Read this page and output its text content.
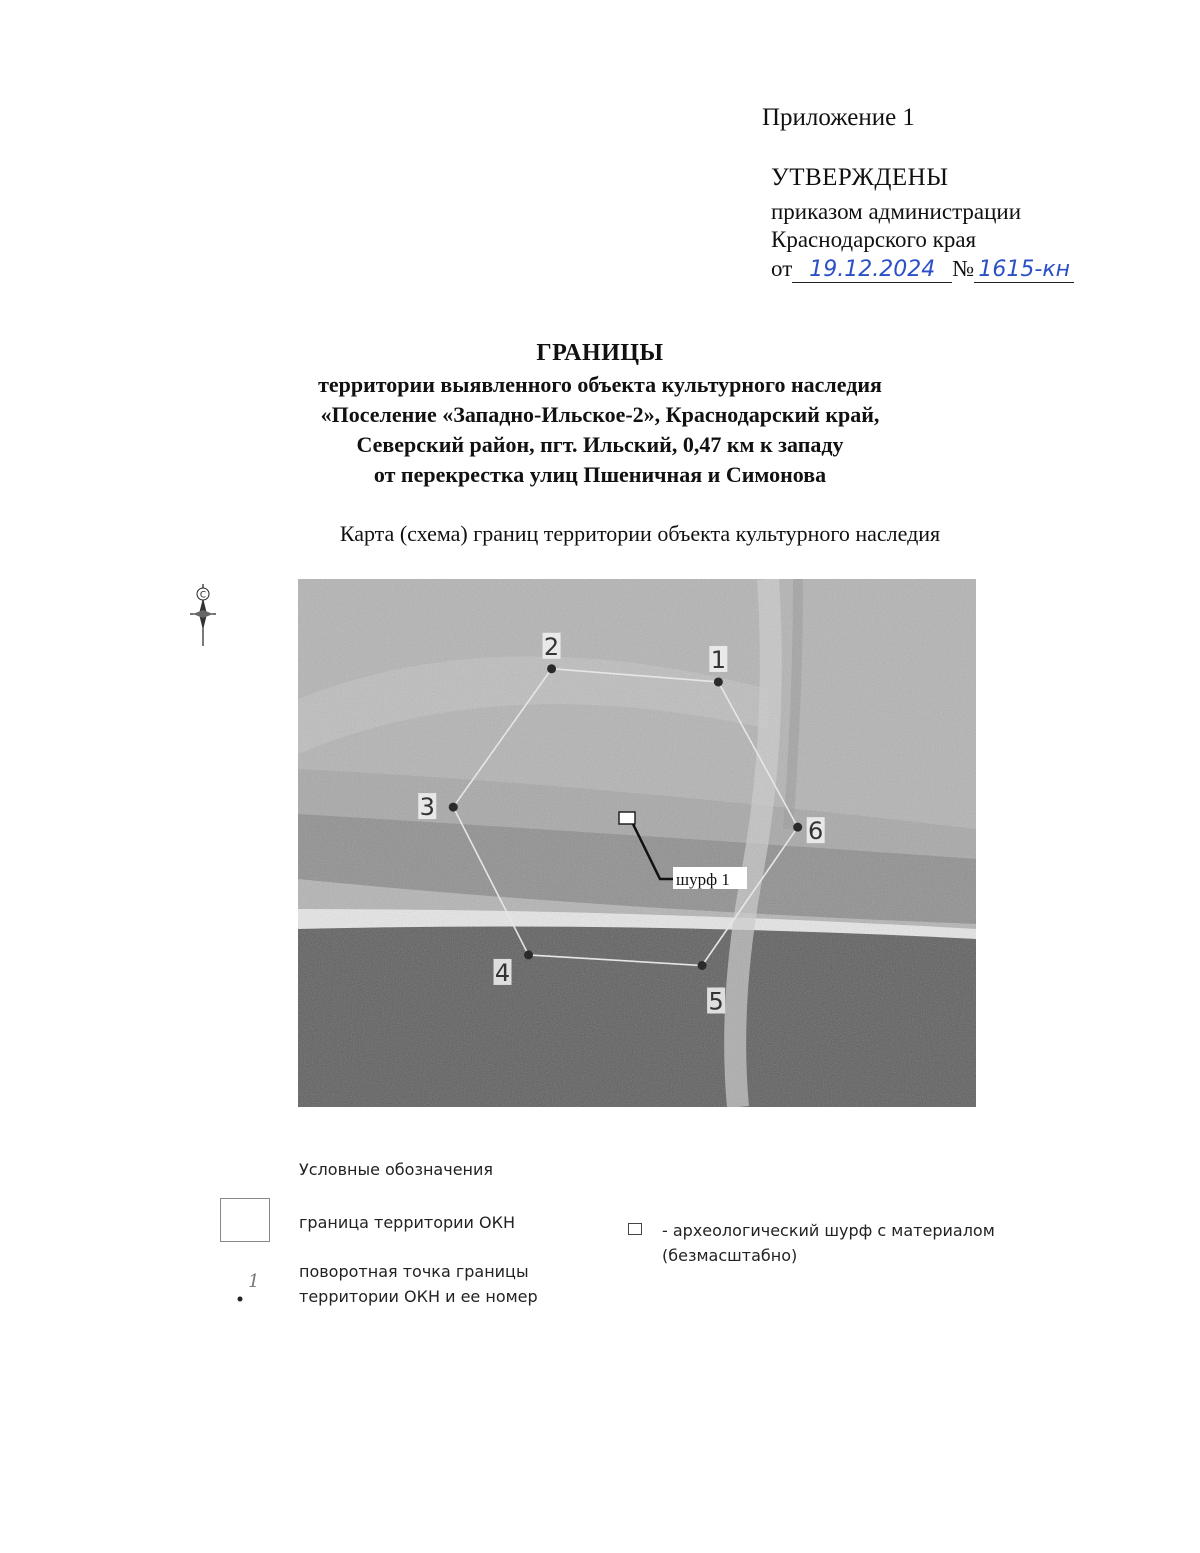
Приложение 1
УТВЕРЖДЕНЫ
приказом администрации
Краснодарского края
от 19.12.2024 № 1615-кн
ГРАНИЦЫ
территории выявленного объекта культурного наследия
«Поселение «Западно-Ильское-2», Краснодарский край,
Северский район, пгт. Ильский, 0,47 км к западу
от перекрестка улиц Пшеничная и Симонова
Карта (схема) границ территории объекта культурного наследия
С
1
2
3
4
5
6
шурф 1
Условные обозначения
граница территории ОКН
1 поворотная точка границы территории ОКН и ее номер
- археологический шурф с материалом (безмасштабно)
